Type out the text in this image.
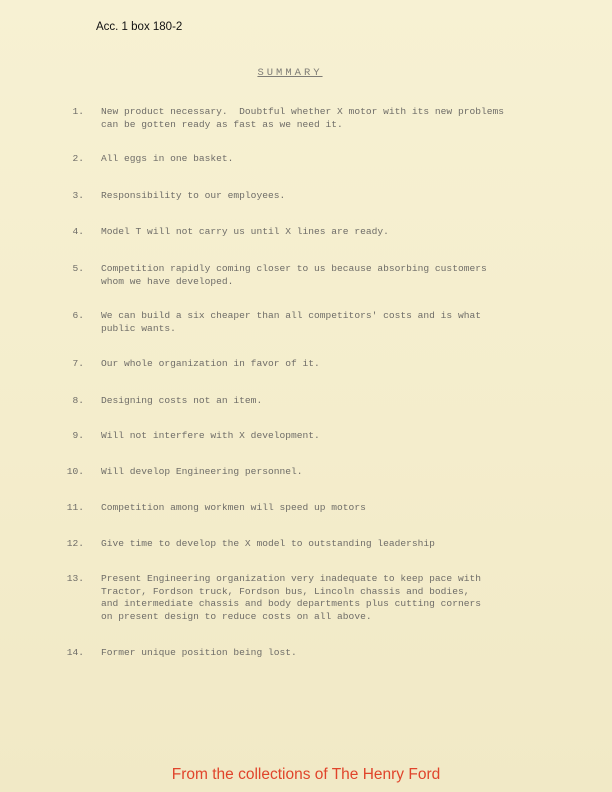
Acc. 1 box 180-2
SUMMARY
1. New product necessary.  Doubtful whether X motor with its new problems
can be gotten ready as fast as we need it.
2. All eggs in one basket.
3. Responsibility to our employees.
4. Model T will not carry us until X lines are ready.
5. Competition rapidly coming closer to us because absorbing customers
whom we have developed.
6. We can build a six cheaper than all competitors' costs and is what
public wants.
7. Our whole organization in favor of it.
8. Designing costs not an item.
9. Will not interfere with X development.
10. Will develop Engineering personnel.
11. Competition among workmen will speed up motors
12. Give time to develop the X model to outstanding leadership
13. Present Engineering organization very inadequate to keep pace with
Tractor, Fordson truck, Fordson bus, Lincoln chassis and bodies,
and intermediate chassis and body departments plus cutting corners
on present design to reduce costs on all above.
14. Former unique position being lost.
From the collections of The Henry Ford
